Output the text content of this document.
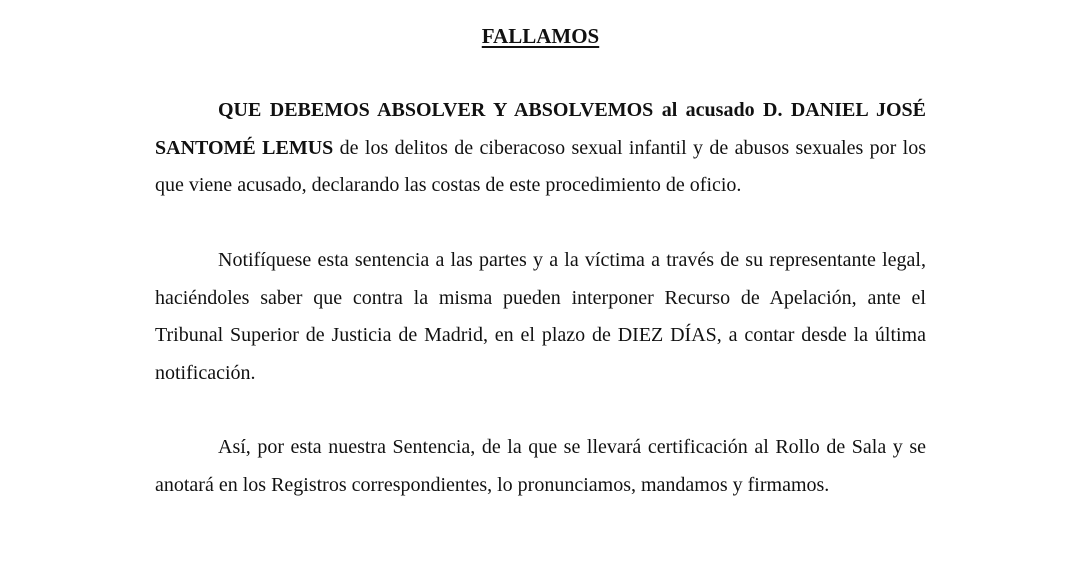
FALLAMOS

QUE DEBEMOS ABSOLVER Y ABSOLVEMOS al acusado D. DANIEL JOSÉ SANTOMÉ LEMUS de los delitos de ciberacoso sexual infantil y de abusos sexuales por los que viene acusado, declarando las costas de este procedimiento de oficio.

Notifíquese esta sentencia a las partes y a la víctima a través de su representante legal, haciéndoles saber que contra la misma pueden interponer Recurso de Apelación, ante el Tribunal Superior de Justicia de Madrid, en el plazo de DIEZ DÍAS, a contar desde la última notificación.

Así, por esta nuestra Sentencia, de la que se llevará certificación al Rollo de Sala y se anotará en los Registros correspondientes, lo pronunciamos, mandamos y firmamos.
